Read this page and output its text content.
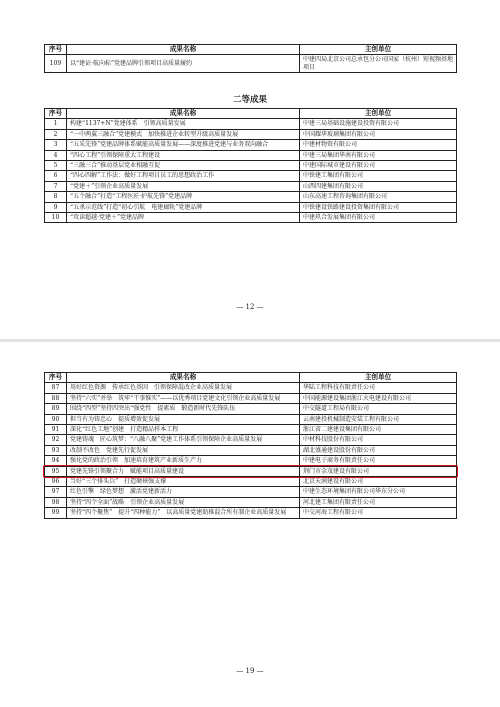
序号	成果名称	主创单位
109	以“建证·航向标”党建品牌引领项目高质量履约	中建四局北京公司总承包分公司国家（杭州）短视频基地项目
二等成果
序号	成果名称	主创单位
1	构建“1137+N”党建体系　引领高质量发展	中建三局基础设施建设投资有限公司
2	“一中两翼三融合”党建模式　加快推进企业转型升级高质量发展	中国耀华玻璃集团有限公司
3	“五采先锋”党建品牌体系赋能高质量发展——深度推进党建与业务双向融合	中建材物资有限公司
4	“四心工程”引领保障重大工程建设	中建三局集团华南有限公司
5	“三融三合”推动基层党业相融互促	中建国际城市建设有限公司
6	“四心四解”工作法：做好工程项目员工的思想政治工作	中铁建工集团有限公司
7	“党建＋”引领企业高质量发展	山西四建集团有限公司
8	“五个融合”打造“工程医匠·护航先锋”党建品牌	山东高速工程咨询集团有限公司
9	“五杀示范线”打造“初心引航　电建廊轨”党建品牌	中铁建设铁路建设投资集团有限公司
10	“攻读超越·党建＋”党建品牌	中建玖合发展集团有限公司
— 12 —
序号	成果名称	主创单位
87	用好红色资源　传承红色基因　引领保障混改企业高质量发展	华陆工程科技有限责任公司
88	坚持“六实”并举　筑牢“干事惟实”——以优秀项目党建文化引领企业高质量发展	中国能源建设集团浙江火电建设有限公司
89	围绕“四型”坚持四突出“强党性　提素质　锻造新时代先锋队伍	中交隧道工程局有限公司
90	担当有为铸忠心　提质增效促发展	云南建投机械制造安装工程有限公司
91	深化“红色工地”创建　打造精品样本工程	浙江省二建建设集团有限公司
92	党建铸魂　匠心筑梦：“八融八聚”党建工作体系引领保障企业高质量发展	中材科技股份有限公司
93	改制不改色　党建先行促发展	湖北盛通建设股份有限公司
94	强化党的政治引领　加速培育建筑产业新质生产力	中建电子商务有限责任公司
95	党建先锋引领聚合力　赋能项目高质量建设	荆门市金茂建设有限公司
96	当好“三个排头兵”　打造硬核强支撑	北京天润建设有限公司
97	红色引擎　绿色梦想　激活党建新活力	中建生态环境集团有限公司华东分公司
98	坚持“四个全面”战略　引领企业高质量发展	河北建工集团有限责任公司
99	坚持“四个聚焦”　提升“四种能力”　以高质量党建助推混合所有制企业高质量发展	中交河海工程有限公司
— 19 —
